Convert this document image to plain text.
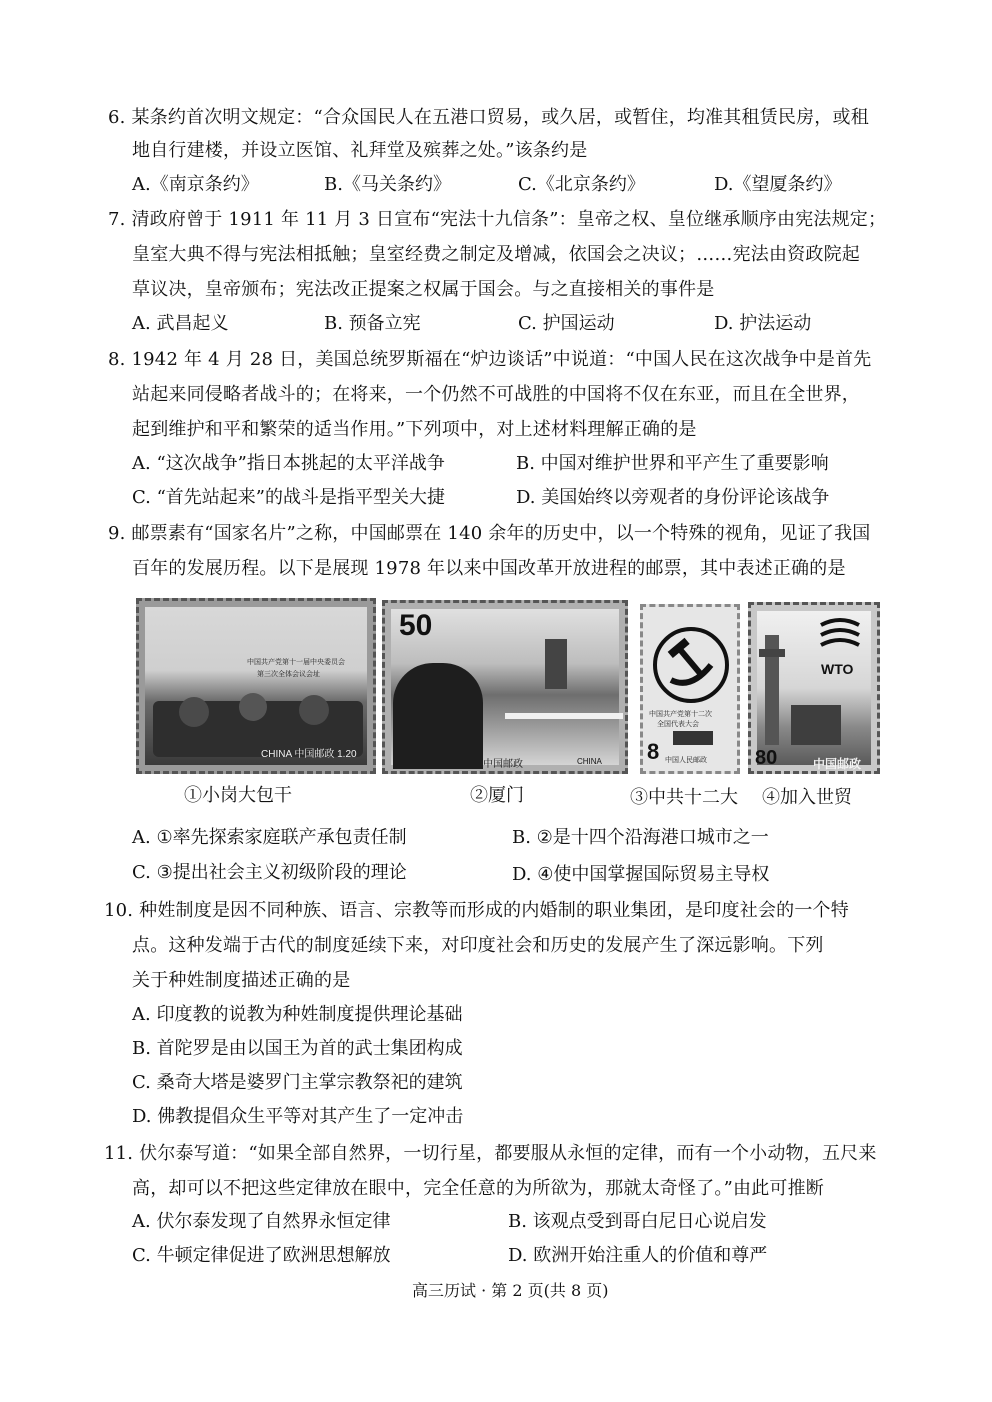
6. 某条约首次明文规定：“合众国民人在五港口贸易，或久居，或暂住，均准其租赁民房，或租
地自行建楼，并设立医馆、礼拜堂及殡葬之处。”该条约是
A.《南京条约》	B.《马关条约》	C.《北京条约》	D.《望厦条约》
7. 清政府曾于 1911 年 11 月 3 日宣布“宪法十九信条”：皇帝之权、皇位继承顺序由宪法规定；
皇室大典不得与宪法相抵触；皇室经费之制定及增减，依国会之决议；……宪法由资政院起
草议决，皇帝颁布；宪法改正提案之权属于国会。与之直接相关的事件是
A. 武昌起义	B. 预备立宪	C. 护国运动	D. 护法运动
8. 1942 年 4 月 28 日，美国总统罗斯福在“炉边谈话”中说道：“中国人民在这次战争中是首先
站起来同侵略者战斗的；在将来，一个仍然不可战胜的中国将不仅在东亚，而且在全世界，
起到维护和平和繁荣的适当作用。”下列项中，对上述材料理解正确的是
A. “这次战争”指日本挑起的太平洋战争	B. 中国对维护世界和平产生了重要影响
C. “首先站起来”的战斗是指平型关大捷	D. 美国始终以旁观者的身份评论该战争
9. 邮票素有“国家名片”之称，中国邮票在 140 余年的历史中，以一个特殊的视角，见证了我国
百年的发展历程。以下是展现 1978 年以来中国改革开放进程的邮票，其中表述正确的是
中国共产党第十一届中央委员会
第三次全体会议会址
CHINA 中国邮政 1.20
50
中国邮政	CHINA
中国共产党第十二次
全国代表大会
8 中国人民邮政
WTO
80	中国邮政
①小岗大包干	②厦门	③中共十二大 ④加入世贸
A. ①率先探索家庭联产承包责任制	B. ②是十四个沿海港口城市之一
C. ③提出社会主义初级阶段的理论	D. ④使中国掌握国际贸易主导权
10. 种姓制度是因不同种族、语言、宗教等而形成的内婚制的职业集团，是印度社会的一个特
点。这种发端于古代的制度延续下来，对印度社会和历史的发展产生了深远影响。下列
关于种姓制度描述正确的是
A. 印度教的说教为种姓制度提供理论基础
B. 首陀罗是由以国王为首的武士集团构成
C. 桑奇大塔是婆罗门主掌宗教祭祀的建筑
D. 佛教提倡众生平等对其产生了一定冲击
11. 伏尔泰写道：“如果全部自然界，一切行星，都要服从永恒的定律，而有一个小动物，五尺来
高，却可以不把这些定律放在眼中，完全任意的为所欲为，那就太奇怪了。”由此可推断
A. 伏尔泰发现了自然界永恒定律	B. 该观点受到哥白尼日心说启发
C. 牛顿定律促进了欧洲思想解放	D. 欧洲开始注重人的价值和尊严
高三历试 · 第 2 页(共 8 页)
